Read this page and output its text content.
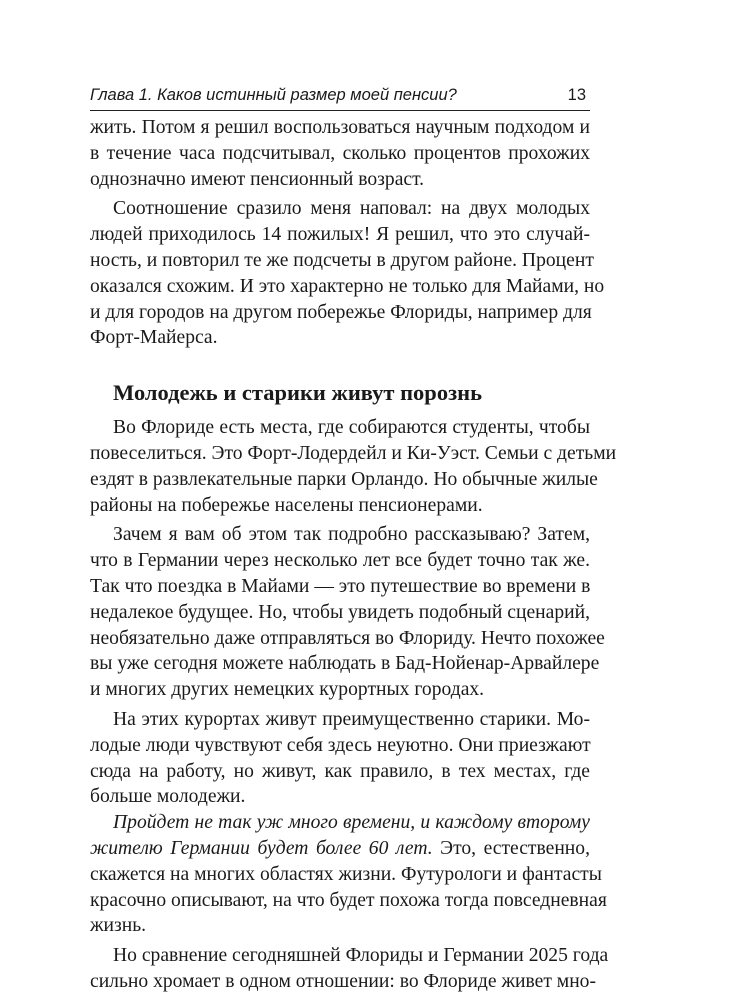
Глава 1. Каков истинный размер моей пенсии?	13
жить. Потом я решил воспользоваться научным подходом и
в течение часа подсчитывал, сколько процентов прохожих
однозначно имеют пенсионный возраст.
Соотношение сразило меня наповал: на двух молодых
людей приходилось 14 пожилых! Я решил, что это случай-
ность, и повторил те же подсчеты в другом районе. Процент
оказался схожим. И это характерно не только для Майами, но
и для городов на другом побережье Флориды, например для
Форт-Майерса.
Молодежь и старики живут порознь
Во Флориде есть места, где собираются студенты, чтобы
повеселиться. Это Форт-Лодердейл и Ки-Уэст. Семьи с детьми
ездят в развлекательные парки Орландо. Но обычные жилые
районы на побережье населены пенсионерами.
Зачем я вам об этом так подробно рассказываю? Затем,
что в Германии через несколько лет все будет точно так же.
Так что поездка в Майами — это путешествие во времени в
недалекое будущее. Но, чтобы увидеть подобный сценарий,
необязательно даже отправляться во Флориду. Нечто похожее
вы уже сегодня можете наблюдать в Бад-Нойенар-Арвайлере
и многих других немецких курортных городах.
На этих курортах живут преимущественно старики. Мо-
лодые люди чувствуют себя здесь неуютно. Они приезжают
сюда на работу, но живут, как правило, в тех местах, где
больше молодежи.
Пройдет не так уж много времени, и каждому второму
жителю Германии будет более 60 лет. Это, естественно,
скажется на многих областях жизни. Футурологи и фантасты
красочно описывают, на что будет похожа тогда повседневная
жизнь.
Но сравнение сегодняшней Флориды и Германии 2025 года
сильно хромает в одном отношении: во Флориде живет мно-
